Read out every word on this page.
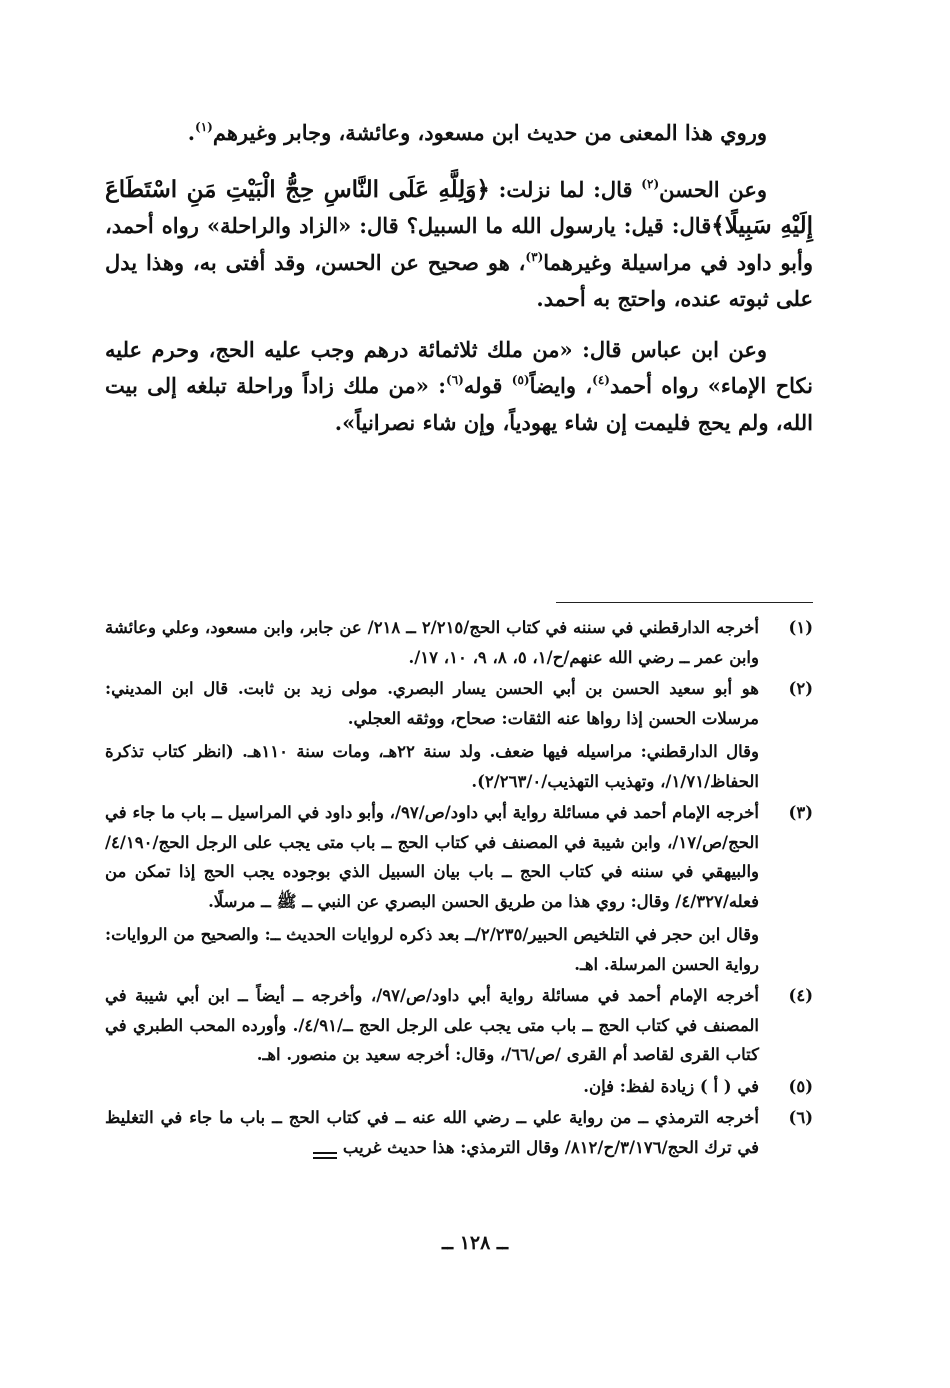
وروي هذا المعنى من حديث ابن مسعود، وعائشة، وجابر وغيرهم$^{(١)}$.

وعن الحسن$^{(٢)}$ قال: لما نزلت: ﴿وَلِلَّهِ عَلَى النَّاسِ حِجُّ الْبَيْتِ مَنِ اسْتَطَاعَ إِلَيْهِ سَبِيلًا﴾قال: قيل: يارسول الله ما السبيل؟ قال: «الزاد والراحلة» رواه أحمد، وأبو داود في مراسيلة وغيرهما$^{(٣)}$، هو صحيح عن الحسن، وقد أفتى به، وهذا يدل على ثبوته عنده، واحتج به أحمد.

وعن ابن عباس قال: «من ملك ثلاثمائة درهم وجب عليه الحج، وحرم عليه نكاح الإماء» رواه أحمد$^{(٤)}$، وايضاً$^{(٥)}$ قوله$^{(٦)}$: «من ملك زاداً وراحلة تبلغه إلى بيت الله، ولم يحج فليمت إن شاء يهودياً، وإن شاء نصرانياً».

(١)
أخرجه الدارقطني في سننه في كتاب الحج/٢/٢١٥ ــ ٢١٨/ عن جابر، وابن مسعود، وعلي وعائشة وابن عمر ــ رضي الله عنهم/ح/١، ٥، ٨، ٩، ١٠، ١٧/.
(٢)
هو أبو سعيد الحسن بن أبي الحسن يسار البصري. مولى زيد بن ثابت. قال ابن المديني: مرسلات الحسن إذا رواها عنه الثقات: صحاح، ووثقه العجلي.
وقال الدارقطني: مراسيله فيها ضعف. ولد سنة ٢٢هـ، ومات سنة ١١٠هـ. (انظر كتاب تذكرة الحفاظ/١/٧١/، وتهذيب التهذيب/٢/٢٦٣/٠).
(٣)
أخرجه الإمام أحمد في مسائلة رواية أبي داود/ص/٩٧/، وأبو داود في المراسيل ــ باب ما جاء في الحج/ص/١٧/، وابن شيبة في المصنف في كتاب الحج ــ باب متى يجب على الرجل الحج/٤/١٩٠/ والبيهقي في سننه في كتاب الحج ــ باب بيان السبيل الذي بوجوده يجب الحج إذا تمكن من فعله/٤/٣٢٧/ وقال: روي هذا من طريق الحسن البصري عن النبي ــ ﷺ ــ مرسلًا.
وقال ابن حجر في التلخيص الحبير/٢/٢٣٥/ــ بعد ذكره لروايات الحديث ــ: والصحيح من الروايات: رواية الحسن المرسلة. اهـ.
(٤)
أخرجه الإمام أحمد في مسائلة رواية أبي داود/ص/٩٧/، وأخرجه ــ أيضاً ــ ابن أبي شيبة في المصنف في كتاب الحج ــ باب متى يجب على الرجل الحج ــ/٤/٩١/. وأورده المحب الطبري في كتاب القرى لقاصد أم القرى /ص/٦٦/، وقال: أخرجه سعيد بن منصور. اهـ.
(٥)
في ( أ ) زيادة لفظ: فإن.
(٦)
أخرجه الترمذي ــ من رواية علي ــ رضي الله عنه ــ في كتاب الحج ــ باب ما جاء في التغليظ في ترك الحج/٣/١٧٦/ح/٨١٢/ وقال الترمذي: هذا حديث غريب
ــ ١٢٨ ــ
